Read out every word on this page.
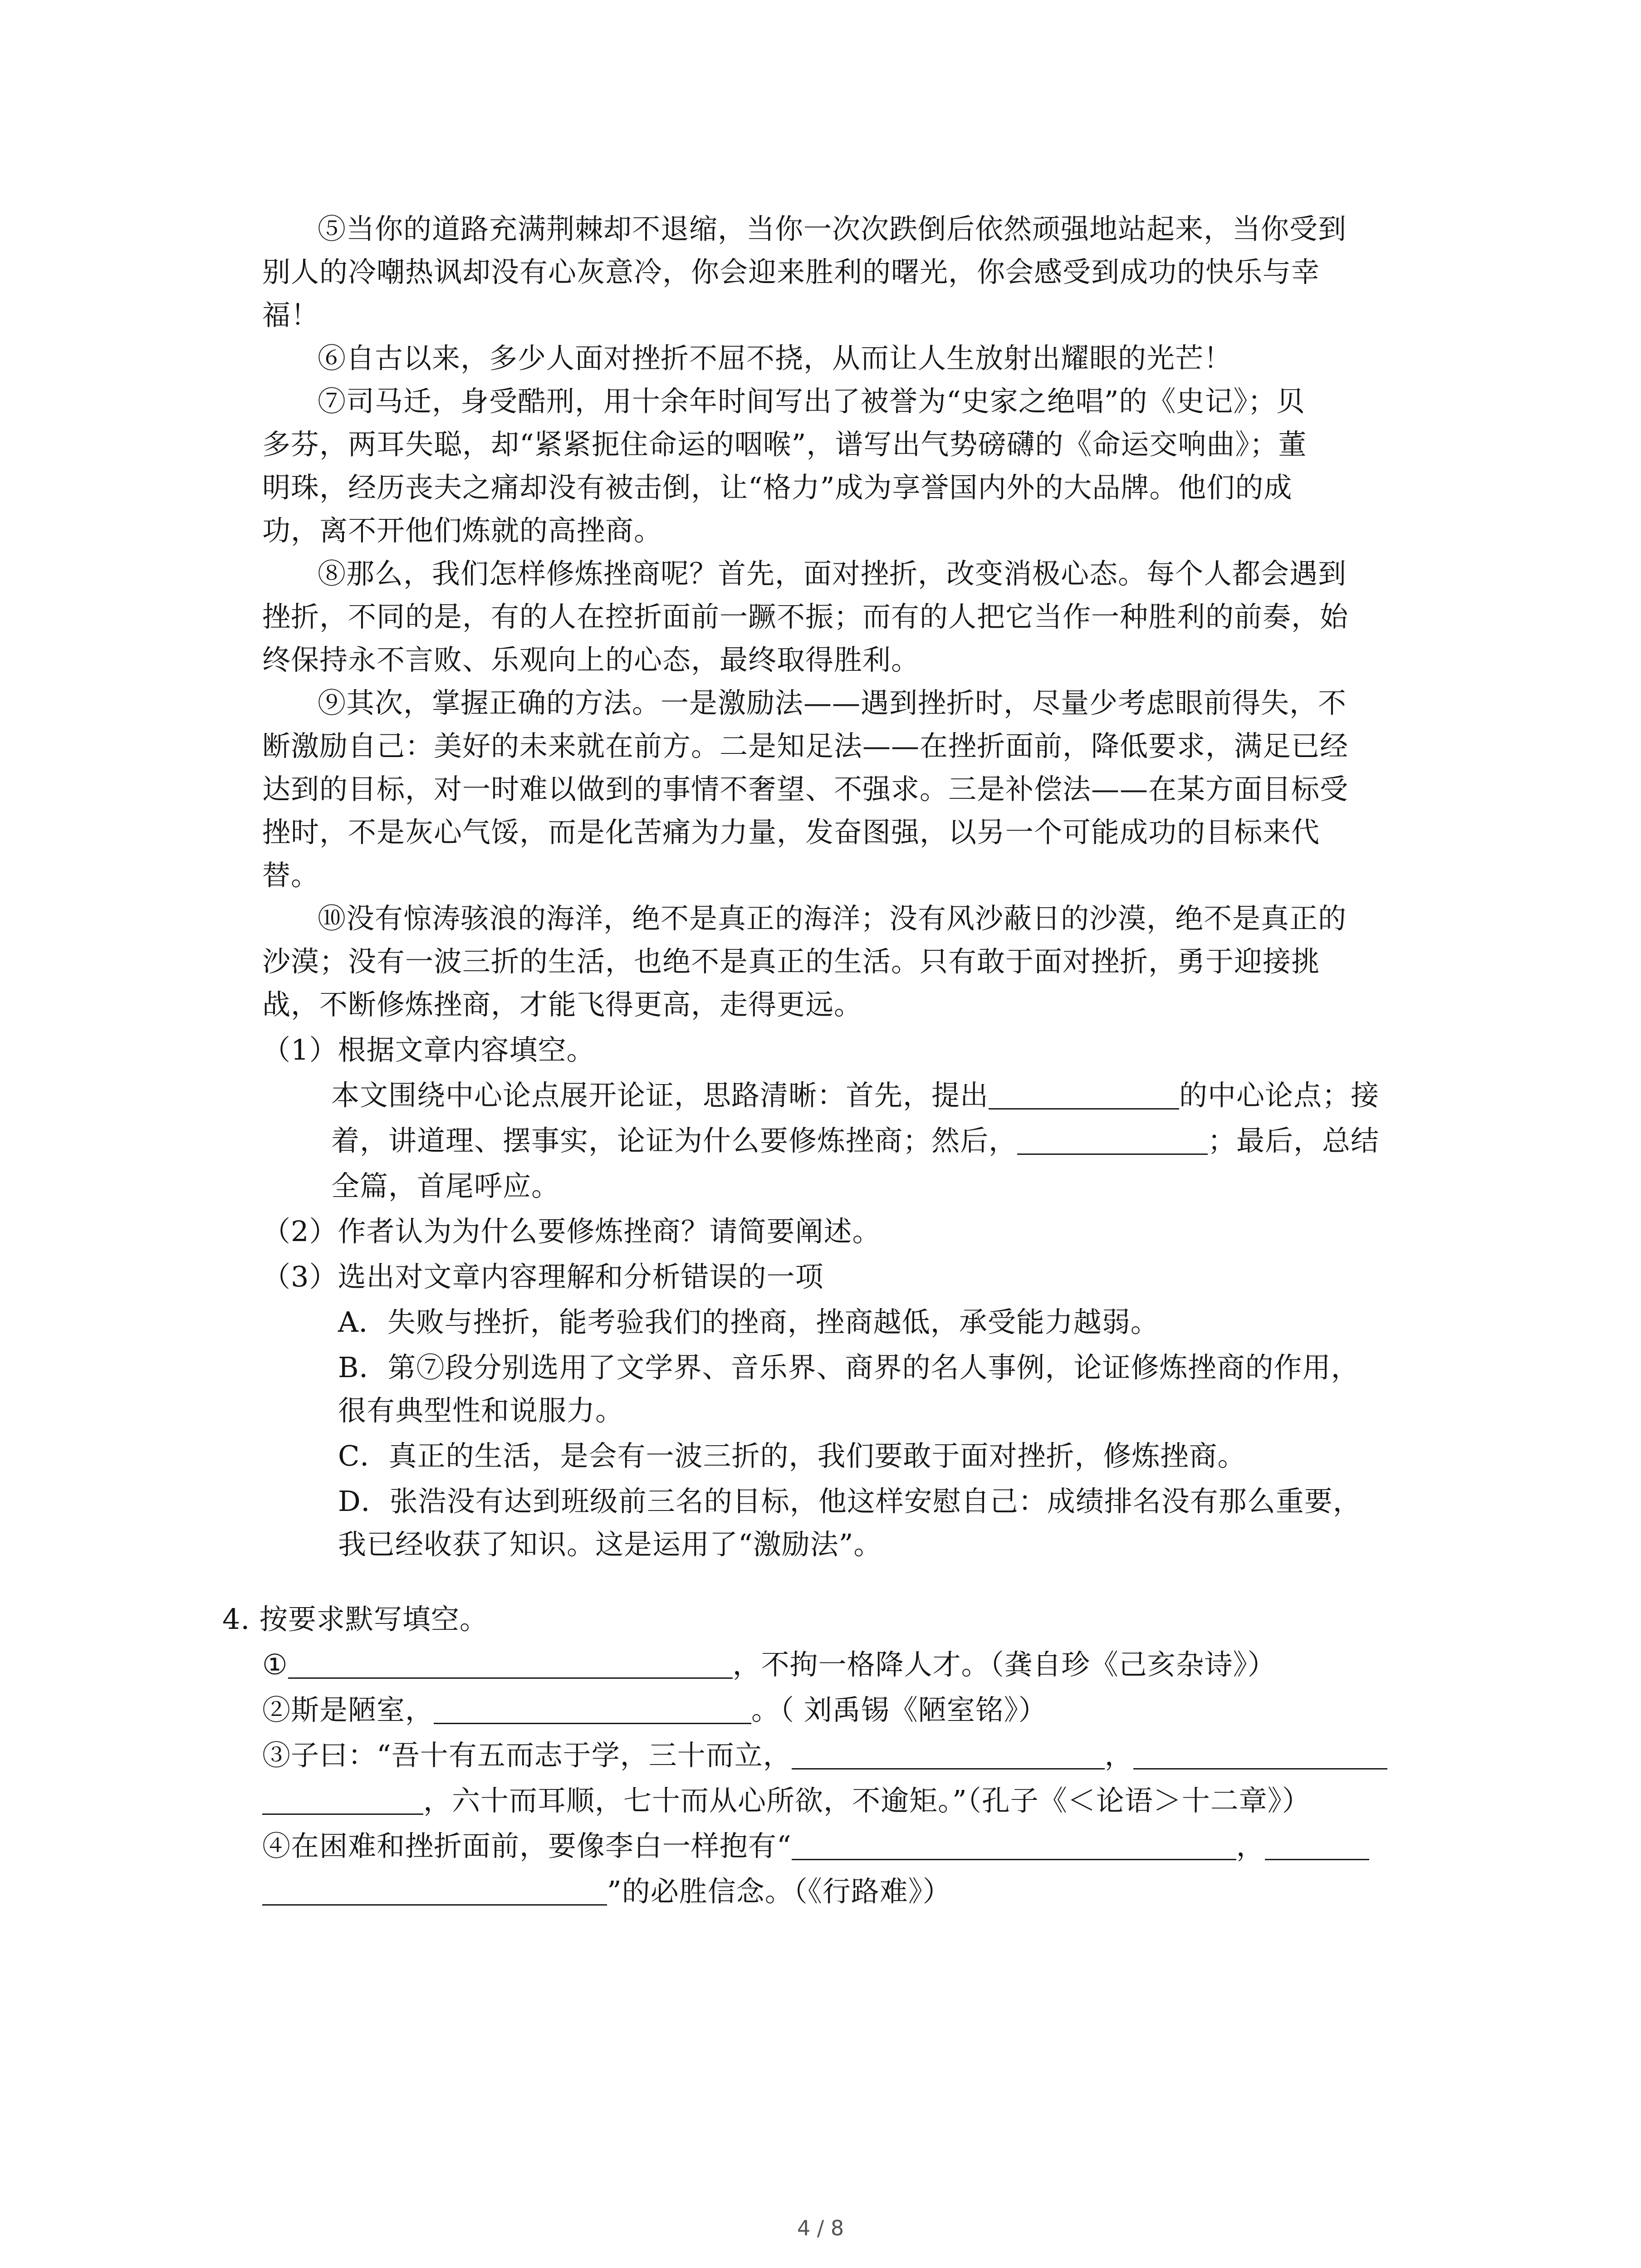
⑤当你的道路充满荆棘却不退缩，当你一次次跌倒后依然顽强地站起来，当你受到
别人的冷嘲热讽却没有心灰意冷，你会迎来胜利的曙光，你会感受到成功的快乐与幸
福！
⑥自古以来，多少人面对挫折不屈不挠，从而让人生放射出耀眼的光芒！
⑦司马迁，身受酷刑，用十余年时间写出了被誉为“史家之绝唱”的《史记》；贝
多芬，两耳失聪，却“紧紧扼住命运的咽喉”，谱写出气势磅礴的《命运交响曲》；董
明珠，经历丧夫之痛却没有被击倒，让“格力”成为享誉国内外的大品牌。他们的成
功，离不开他们炼就的高挫商。
⑧那么，我们怎样修炼挫商呢？首先，面对挫折，改变消极心态。每个人都会遇到
挫折，不同的是，有的人在控折面前一蹶不振；而有的人把它当作一种胜利的前奏，始
终保持永不言败、乐观向上的心态，最终取得胜利。
⑨其次，掌握正确的方法。一是激励法——遇到挫折时，尽量少考虑眼前得失，不
断激励自己：美好的未来就在前方。二是知足法——在挫折面前，降低要求，满足已经
达到的目标，对一时难以做到的事情不奢望、不强求。三是补偿法——在某方面目标受
挫时，不是灰心气馁，而是化苦痛为力量，发奋图强，以另一个可能成功的目标来代
替。
⑩没有惊涛骇浪的海洋，绝不是真正的海洋；没有风沙蔽日的沙漠，绝不是真正的
沙漠；没有一波三折的生活，也绝不是真正的生活。只有敢于面对挫折，勇于迎接挑
战，不断修炼挫商，才能飞得更高，走得更远。
（1）根据文章内容填空。
本文围绕中心论点展开论证，思路清晰：首先，提出	的中心论点；接
着，讲道理、摆事实，论证为什么要修炼挫商；然后，	；最后，总结
全篇，首尾呼应。
（2）作者认为为什么要修炼挫商？请简要阐述。
（3）选出对文章内容理解和分析错误的一项
A．失败与挫折，能考验我们的挫商，挫商越低，承受能力越弱。
B．第⑦段分别选用了文学界、音乐界、商界的名人事例，论证修炼挫商的作用，
很有典型性和说服力。
C．真正的生活，是会有一波三折的，我们要敢于面对挫折，修炼挫商。
D．张浩没有达到班级前三名的目标，他这样安慰自己：成绩排名没有那么重要，
我已经收获了知识。这是运用了“激励法”。
4. 按要求默写填空。
①	，不拘一格降人才。（龚自珍《己亥杂诗》）
②斯是陋室，	。（ 刘禹锡《陋室铭》）
③子曰：“吾十有五而志于学，三十而立，	，
，六十而耳顺，七十而从心所欲，不逾矩。”（孔子《＜论语＞十二章》）
④在困难和挫折面前，要像李白一样抱有“	，
”的必胜信念。（《行路难》）
4 / 8
